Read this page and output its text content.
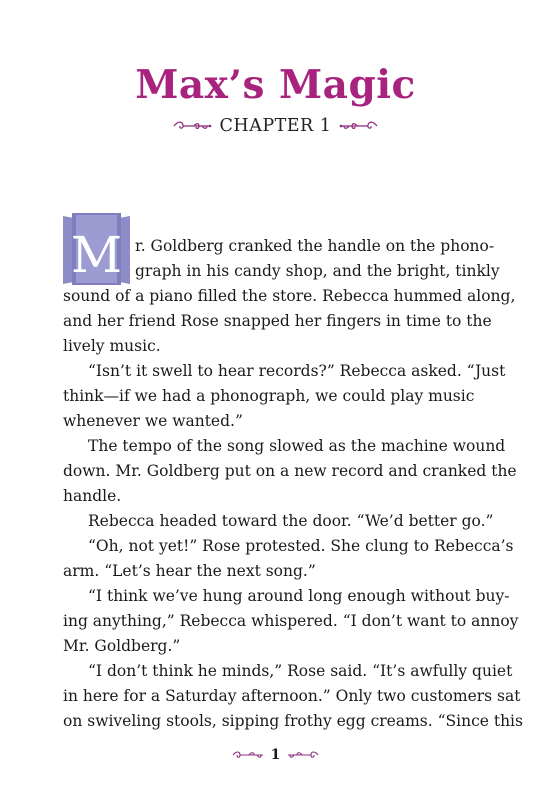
Max’s Magic
CHAPTER 1
M r. Goldberg cranked the handle on the phono-
graph in his candy shop, and the bright, tinkly
sound of a piano filled the store. Rebecca hummed along,
and her friend Rose snapped her fingers in time to the
lively music.
“Isn’t it swell to hear records?” Rebecca asked. “Just
think—if we had a phonograph, we could play music
whenever we wanted.”
The tempo of the song slowed as the machine wound
down. Mr. Goldberg put on a new record and cranked the
handle.
Rebecca headed toward the door. “We’d better go.”
“Oh, not yet!” Rose protested. She clung to Rebecca’s
arm. “Let’s hear the next song.”
“I think we’ve hung around long enough without buy-
ing anything,” Rebecca whispered. “I don’t want to annoy
Mr. Goldberg.”
“I don’t think he minds,” Rose said. “It’s awfully quiet
in here for a Saturday afternoon.” Only two customers sat
on swiveling stools, sipping frothy egg creams. “Since this
1
